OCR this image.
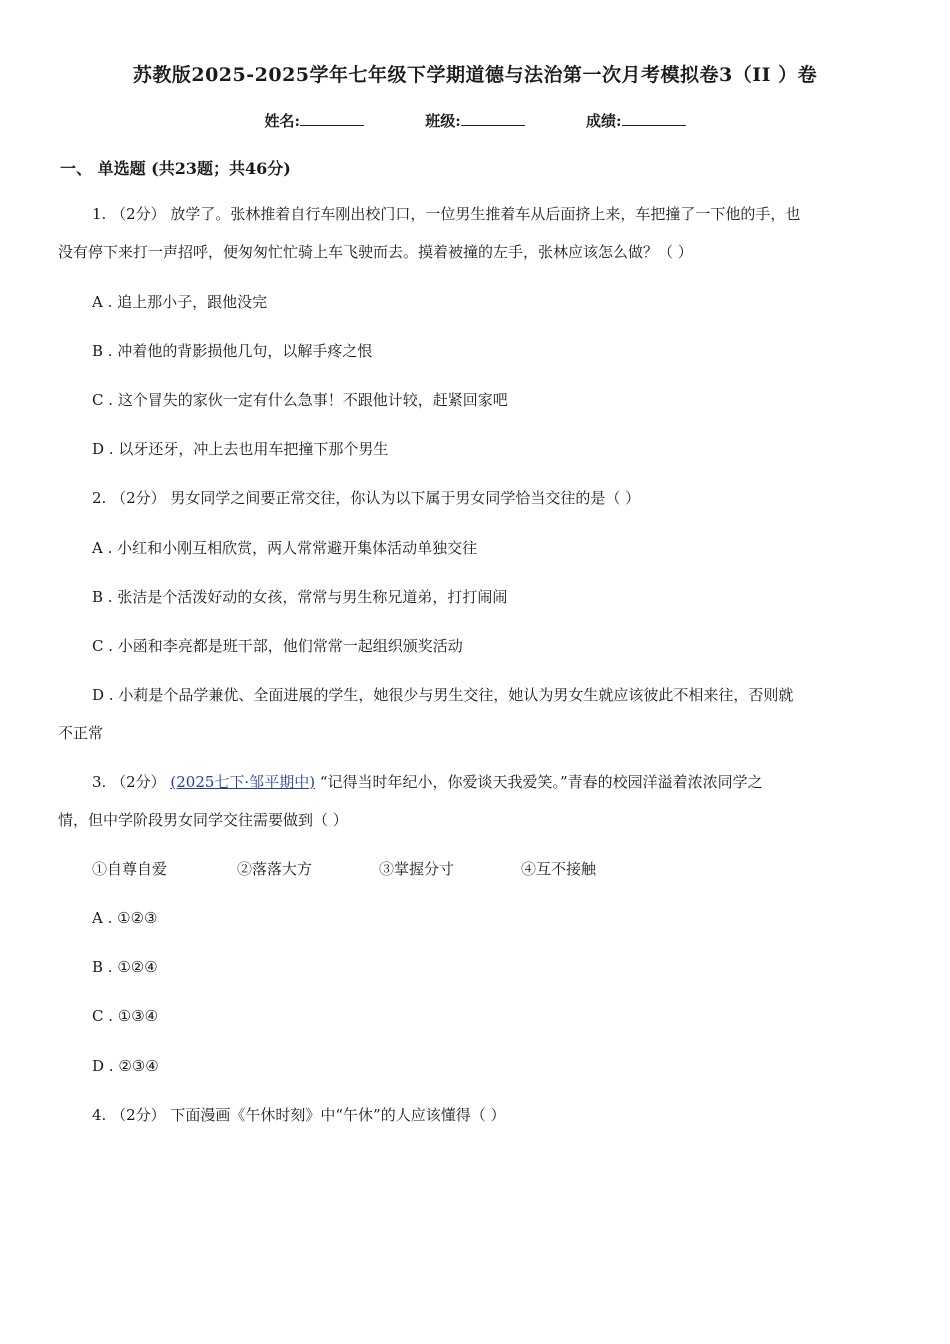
苏教版2025-2025学年七年级下学期道德与法治第一次月考模拟卷3（II ）卷
姓名:	班级:	成绩:
一、 单选题 (共23题；共46分)
1. （2分） 放学了。张林推着自行车刚出校门口，一位男生推着车从后面挤上来，车把撞了一下他的手，也
没有停下来打一声招呼，便匆匆忙忙骑上车飞驶而去。摸着被撞的左手，张林应该怎么做？（ ）
A . 追上那小子，跟他没完
B . 冲着他的背影损他几句，以解手疼之恨
C . 这个冒失的家伙一定有什么急事！不跟他计较，赶紧回家吧
D . 以牙还牙，冲上去也用车把撞下那个男生
2. （2分） 男女同学之间要正常交往，你认为以下属于男女同学恰当交往的是（ ）
A . 小红和小刚互相欣赏，两人常常避开集体活动单独交往
B . 张洁是个活泼好动的女孩，常常与男生称兄道弟，打打闹闹
C . 小函和李亮都是班干部，他们常常一起组织颁奖活动
D . 小莉是个品学兼优、全面进展的学生，她很少与男生交往，她认为男女生就应该彼此不相来往，否则就
不正常
3. （2分） (2025七下·邹平期中) “记得当时年纪小，你爱谈天我爱笑。”青春的校园洋溢着浓浓同学之
情，但中学阶段男女同学交往需要做到（ ）
①自尊自爱	②落落大方	③掌握分寸	④互不接触
A . ①②③
B . ①②④
C . ①③④
D . ②③④
4. （2分） 下面漫画《午休时刻》中“午休”的人应该懂得（ ）
